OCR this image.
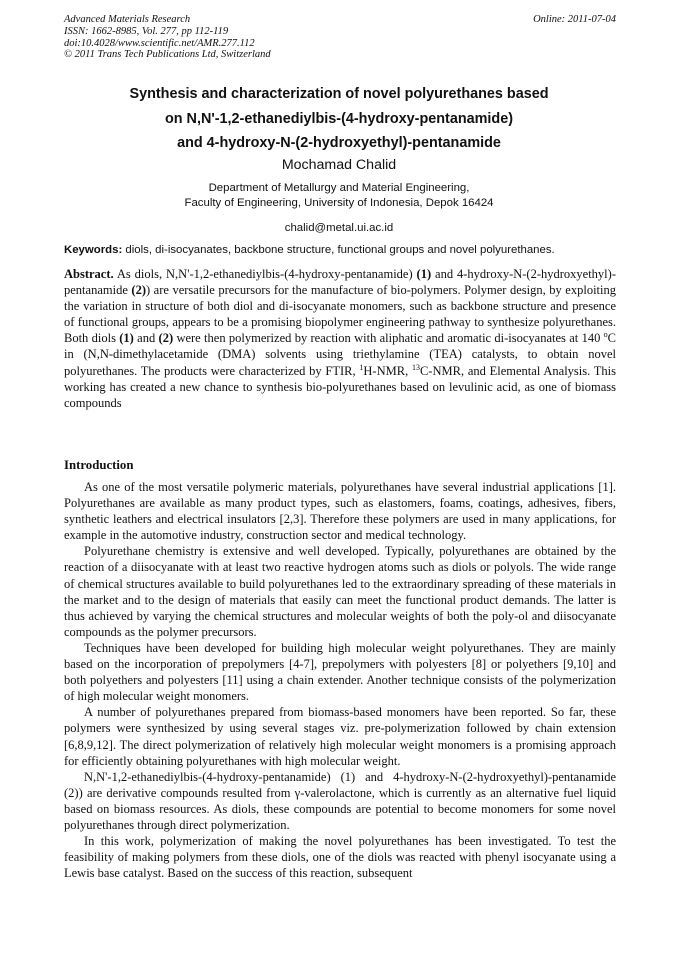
Advanced Materials Research
ISSN: 1662-8985, Vol. 277, pp 112-119
doi:10.4028/www.scientific.net/AMR.277.112
© 2011 Trans Tech Publications Ltd, Switzerland
Online: 2011-07-04
Synthesis and characterization of novel polyurethanes based
on N,N'-1,2-ethanediylbis-(4-hydroxy-pentanamide)
and 4-hydroxy-N-(2-hydroxyethyl)-pentanamide
Mochamad Chalid
Department of Metallurgy and Material Engineering,
Faculty of Engineering, University of Indonesia, Depok 16424
chalid@metal.ui.ac.id
Keywords: diols, di-isocyanates, backbone structure, functional groups and novel polyurethanes.
Abstract. As diols, N,N'-1,2-ethanediylbis-(4-hydroxy-pentanamide) (1) and 4-hydroxy-N-(2-hydroxyethyl)-pentanamide (2)) are versatile precursors for the manufacture of bio-polymers. Polymer design, by exploiting the variation in structure of both diol and di-isocyanate monomers, such as backbone structure and presence of functional groups, appears to be a promising biopolymer engineering pathway to synthesize polyurethanes. Both diols (1) and (2) were then polymerized by reaction with aliphatic and aromatic di-isocyanates at 140 $^o$C in (N,N-dimethylacetamide (DMA) solvents using triethylamine (TEA) catalysts, to obtain novel polyurethanes. The products were characterized by FTIR, $^1$H-NMR, $^{13}$C-NMR, and Elemental Analysis. This working has created a new chance to synthesis bio-polyurethanes based on levulinic acid, as one of biomass compounds
Introduction

As one of the most versatile polymeric materials, polyurethanes have several industrial applications [1]. Polyurethanes are available as many product types, such as elastomers, foams, coatings, adhesives, fibers, synthetic leathers and electrical insulators [2,3]. Therefore these polymers are used in many applications, for example in the automotive industry, construction sector and medical technology.

Polyurethane chemistry is extensive and well developed. Typically, polyurethanes are obtained by the reaction of a diisocyanate with at least two reactive hydrogen atoms such as diols or polyols. The wide range of chemical structures available to build polyurethanes led to the extraordinary spreading of these materials in the market and to the design of materials that easily can meet the functional product demands. The latter is thus achieved by varying the chemical structures and molecular weights of both the poly-ol and diisocyanate compounds as the polymer precursors.

Techniques have been developed for building high molecular weight polyurethanes. They are mainly based on the incorporation of prepolymers [4-7], prepolymers with polyesters [8] or polyethers [9,10] and both polyethers and polyesters [11] using a chain extender. Another technique consists of the polymerization of high molecular weight monomers.

A number of polyurethanes prepared from biomass-based monomers have been reported. So far, these polymers were synthesized by using several stages viz. pre-polymerization followed by chain extension [6,8,9,12]. The direct polymerization of relatively high molecular weight monomers is a promising approach for efficiently obtaining polyurethanes with high molecular weight.

N,N'-1,2-ethanediylbis-(4-hydroxy-pentanamide) (1) and 4-hydroxy-N-(2-hydroxyethyl)-pentanamide (2)) are derivative compounds resulted from γ-valerolactone, which is currently as an alternative fuel liquid based on biomass resources. As diols, these compounds are potential to become monomers for some novel polyurethanes through direct polymerization.

In this work, polymerization of making the novel polyurethanes has been investigated. To test the feasibility of making polymers from these diols, one of the diols was reacted with phenyl isocyanate using a Lewis base catalyst. Based on the success of this reaction, subsequent
